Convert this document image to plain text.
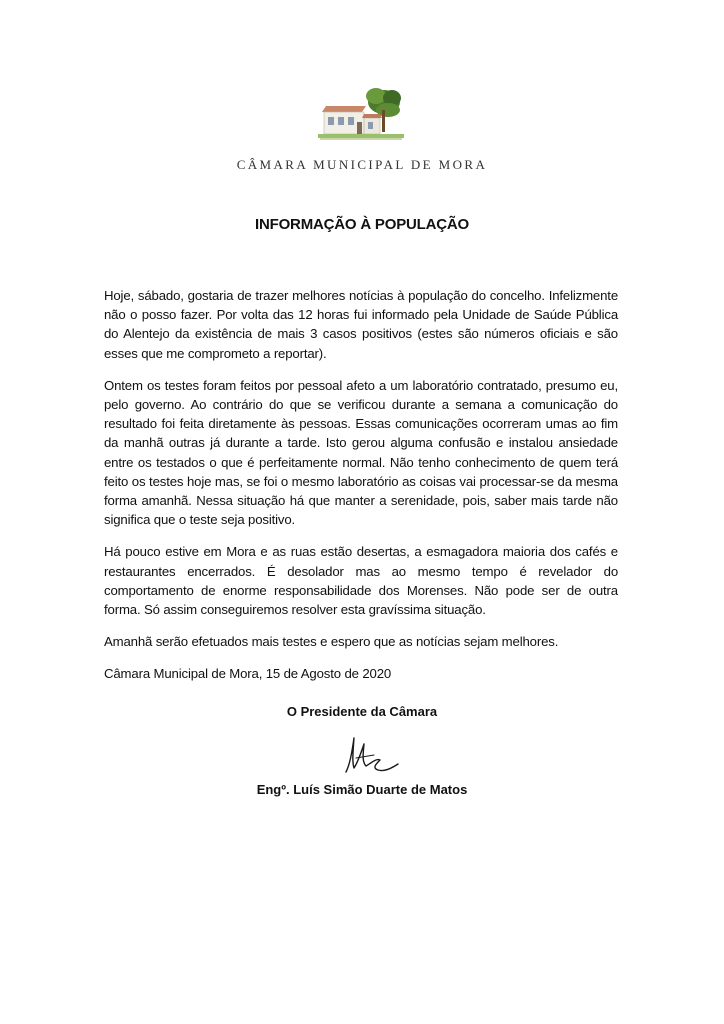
CÂMARA MUNICIPAL DE MORA
INFORMAÇÃO À POPULAÇÃO

Hoje, sábado, gostaria de trazer melhores notícias à população do concelho. Infelizmente não o posso fazer. Por volta das 12 horas fui informado pela Unidade de Saúde Pública do Alentejo da existência de mais 3 casos positivos (estes são números oficiais e são esses que me comprometo a reportar).

Ontem os testes foram feitos por pessoal afeto a um laboratório contratado, presumo eu, pelo governo. Ao contrário do que se verificou durante a semana a comunicação do resultado foi feita diretamente às pessoas. Essas comunicações ocorreram umas ao fim da manhã outras já durante a tarde. Isto gerou alguma confusão e instalou ansiedade entre os testados o que é perfeitamente normal. Não tenho conhecimento de quem terá feito os testes hoje mas, se foi o mesmo laboratório as coisas vai processar-se da mesma forma amanhã. Nessa situação há que manter a serenidade, pois, saber mais tarde não significa que o teste seja positivo.

Há pouco estive em Mora e as ruas estão desertas, a esmagadora maioria dos cafés e restaurantes encerrados. É desolador mas ao mesmo tempo é revelador do comportamento de enorme responsabilidade dos Morenses. Não pode ser de outra forma. Só assim conseguiremos resolver esta gravíssima situação.

Amanhã serão efetuados mais testes e espero que as notícias sejam melhores.

Câmara Municipal de Mora, 15 de Agosto de 2020

O Presidente da Câmara
Engº. Luís Simão Duarte de Matos
